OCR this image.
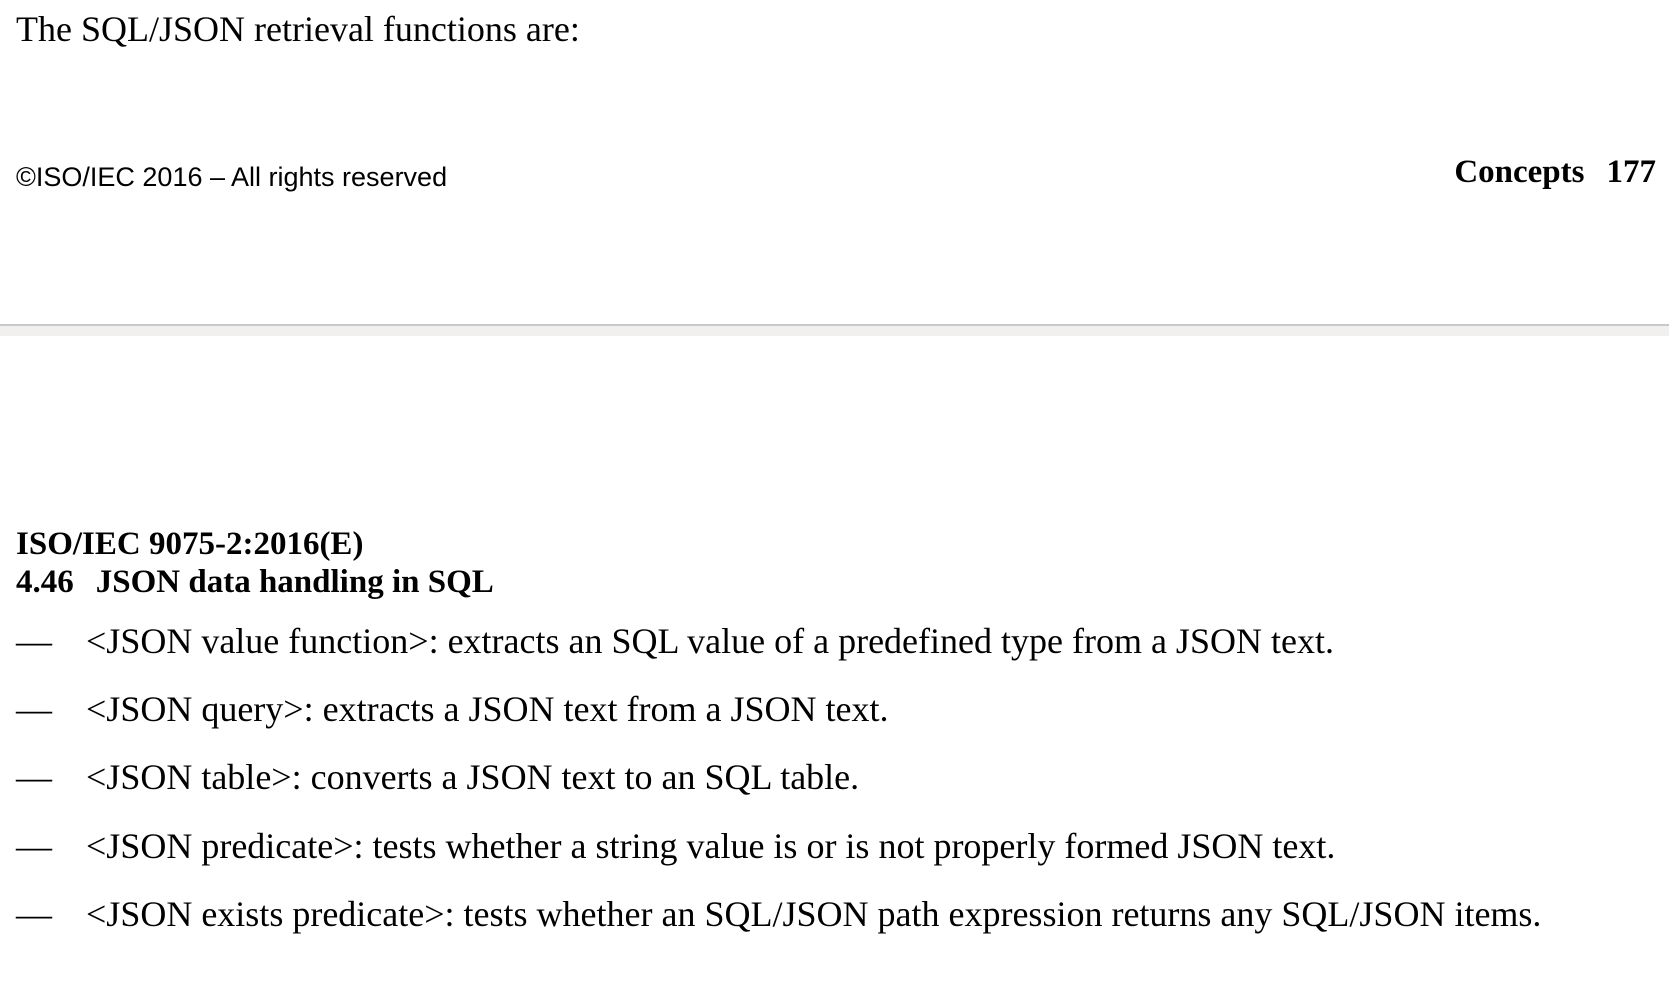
The SQL/JSON retrieval functions are:
©ISO/IEC 2016 – All rights reserved	Concepts 177
ISO/IEC 9075-2:2016(E)
4.46 JSON data handling in SQL
— <JSON value function>: extracts an SQL value of a predefined type from a JSON text.
— <JSON query>: extracts a JSON text from a JSON text.
— <JSON table>: converts a JSON text to an SQL table.
— <JSON predicate>: tests whether a string value is or is not properly formed JSON text.
— <JSON exists predicate>: tests whether an SQL/JSON path expression returns any SQL/JSON items.
